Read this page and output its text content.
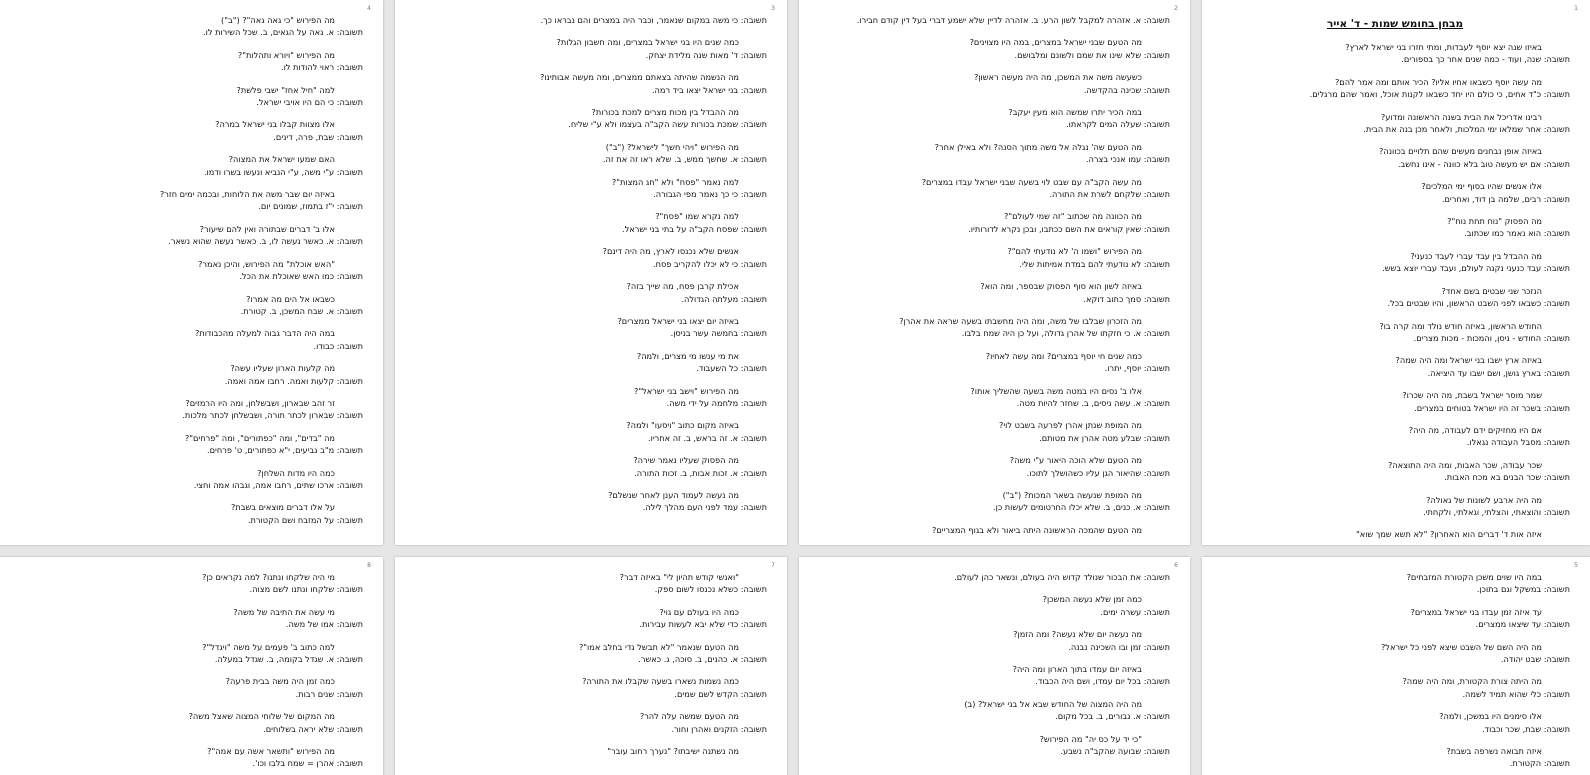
1
מבחן בחומש שמות - ד' אייר
באיזו שנה יצא יוסף לעבדות, ומתי חזרו בני ישראל לארץ?
תשובה: שנה, ועוד - כמה שנים אחר כך בספורים.
מה עשה יוסף כשבאו אחיו אליו? הכיר אותם ומה אמר להם?
תשובה: כ"ד אחים, כי כולם היו יחד כשבאו לקנות אוכל, ואמר שהם מרגלים.
רבינו אדריכל את הבית בשנה הראשונה ומדוע?
תשובה: אחר שמלאו ימי המלכות, ולאחר מכן בנה את הבית.
באיזה אופן נבחנים מעשים שהם תלויים בכוונה?
תשובה: אם יש מעשה טוב בלא כוונה - אינו נחשב.
אלו אנשים שהיו בסוף ימי המלכים?
תשובה: רבים, שלמה בן דוד, ואחרים.
מה הפסוק "נוח תחת נוח"?
תשובה: הוא נאמר כמו שכתוב.
מה ההבדל בין עבד עברי לעבד כנעני?
תשובה: עבד כנעני נקנה לעולם, ועבד עברי יוצא בשש.
הנזכר שני שבטים בשם אחד?
תשובה: כשבאו לפני השבט הראשון, והיו שבטים בכל.
החודש הראשון, באיזה חודש נולד ומה קרה בו?
תשובה: החודש - ניסן, והמכות - מכות מצרים.
באיזה ארץ ישבו בני ישראל ומה היה שמה?
תשובה: בארץ גושן, ושם ישבו עד היציאה.
שמר מוסר ישראל בשבת, מה היה שכרו?
תשובה: בשכר זה היו ישראל בטוחים במצרים.
אם היו מחזיקים ידם לעבודה, מה היה?
תשובה: מסבל העבודה נגאלו.
שכר עבודה, שכר האבות, ומה היה התוצאה?
תשובה: שכר הבנים בא מכח האבות.
מה היה ארבע לשונות של גאולה?
תשובה: והוצאתי, והצלתי, וגאלתי, ולקחתי.
איזה אות ד' דברים הוא האחרון? "לא תשא שמך שוא"
2
תשובה: א. אזהרה למקבל לשון הרע. ב. אזהרה לדיין שלא ישמע דברי בעל דין קודם חבירו.
מה הטעם שבני ישראל במצרים, במה היו מצוינים?
תשובה: שלא שינו את שמם ולשונם ומלבושם.
כשעשה משה את המשכן, מה היה מעשה ראשון?
תשובה: שכינה בהקדשה.
במה הכיר יתרו שמשה הוא מעין יעקב?
תשובה: שעלה המים לקראתו.
מה הטעם שה' נגלה אל משה מתוך הסנה? ולא באילן אחר?
תשובה: עמו אנכי בצרה.
מה עשה הקב"ה עם שבט לוי בשעה שבני ישראל עבדו במצרים?
תשובה: שלקחם לשרת את התורה.
מה הכוונה מה שכתוב "זה שמי לעולם"?
תשובה: שאין קוראים את השם ככתבו, ובכן נקרא לדורותיו.
מה הפירוש "ושמו ה' לא נודעתי להם"?
תשובה: לא נודעתי להם במדת אמיתות שלי.
באיזה לשון הוא סוף הפסוק שבספר, ומה הוא?
תשובה: סמך כתוב דוקא.
מה הזכרון שבלבו של משה, ומה היה מחשבתו בשעה שראה את אהרן?
תשובה: א. כי חזקתו של אהרן גדולה, ועל כן היה שמח בלבו.
כמה שנים חי יוסף במצרים? ומה עשה לאחיו?
תשובה: יוסף, יתרו.
אלו ב' נסים היו במטה משה בשעה שהשליך אותו?
תשובה: א. עשה ניסים, ב. שחזר להיות מטה.
מה המופת שנתן אהרן לפרעה בשבט לוי?
תשובה: שבלע מטה אהרן את מטותם.
מה הטעם שלא הוכה היאור ע"י משה?
תשובה: שהיאור הגן עליו כשהושלך לתוכו.
מה המופת שנעשה בשאר המכות? ("ב")
תשובה: א. כנים, ב. שלא יכלו החרטומים לעשות כן.
מה הטעם שהמכה הראשונה היתה ביאור ולא בגוף המצריים?
3
תשובה: כי משה במקום שנאמר, וכבר היה במצרים והם נבראו כך.
כמה שנים היו בני ישראל במצרים, ומה חשבון הגלות?
תשובה: ד' מאות שנה מלידת יצחק.
מה הנשמה שהיתה בצאתם ממצרים, ומה מעשה אבותינו?
תשובה: בני ישראל יצאו ביד רמה.
מה ההבדל בין מכות מצרים למכת בכורות?
תשובה: שמכת בכורות עשה הקב"ה בעצמו ולא ע"י שליח.
מה הפירוש "ויהי חשך" לישראל? ("ב")
תשובה: א. שחשך ממש, ב. שלא ראו זה את זה.
למה נאמר "פסח" ולא "חג המצות"?
תשובה: כי כך נאמר מפי הגבורה.
למה נקרא שמו "פסח"?
תשובה: שפסח הקב"ה על בתי בני ישראל.
אנשים שלא נכנסו לארץ, מה היה דינם?
תשובה: כי לא יכלו להקריב פסח.
אכילת קרבן פסח, מה שייך בזה?
תשובה: מעלתה הגדולה.
באיזה יום יצאו בני ישראל ממצרים?
תשובה: בחמשה עשר בניסן.
את מי ענשו מי מצרים, ולמה?
תשובה: כל השעבוד.
מה הפירוש "וישב בני ישראל"?
תשובה: מלחמה על ידי משה.
באיזה מקום כתוב "ויסעו" ולמה?
תשובה: א. זה בראש, ב. זה אחריו.
מה הפסוק שעליו נאמר שירה?
תשובה: א. זכות אבות, ב. זכות התורה.
מה נעשה לעמוד הענן לאחר שנשלם?
תשובה: עמד לפני העם מהלך לילה.
4
מה הפירוש "כי גאה גאה"? ("ב")
תשובה: א. גאה על הגאים, ב. שכל השירות לו.
מה הפירוש "ויורא ותהלות"?
תשובה: ראוי להודות לו.
למה "חיל אחז" ישבי פלשת?
תשובה: כי הם היו אויבי ישראל.
אלו מצוות קבלו בני ישראל במרה?
תשובה: שבת, פרה, דינים.
האם שמעו ישראל את המצוה?
תשובה: ע"י משה, ע"י הנביא ונעשו בשרו ודמו.
באיזה יום שבר משה את הלוחות, ובכמה ימים חזר?
תשובה: י"ז בתמוז, שמונים יום.
אלו ב' דברים שבתורה ואין להם שיעור?
תשובה: א. כאשר נעשה לו, ב. כאשר נעשה שהוא נשאר.
"האש אוכלת" מה הפירוש, והיכן נאמר?
תשובה: כמו האש שאוכלת את הכל.
כשבאו אל הים מה אמרו?
תשובה: א. שבח המשכן, ב. קטורת.
במה היה הדבר גבוה למעלה מהכבודות?
תשובה: כבודו.
מה קלעות הארון שעליו עשה?
תשובה: קלעות ואמה. רחבו אמה ואמה.
זר זהב שבארון, ושבשלחן, ומה היו הרמזים?
תשובה: שבארון לכתר תורה, ושבשלחן לכתר מלכות.
מה "בדים", ומה "כפתורים", ומה "פרחים"?
תשובה: מ"ב גביעים, י"א כפתורים, ט' פרחים.
כמה היו מדות השלחן?
תשובה: ארכו שתים, רחבו אמה, וגבהו אמה וחצי.
על אלו דברים מוצאים בשבת?
תשובה: על המזבח ושם הקטורת.
5
במה היו שוים משכן הקטורת המזבחים?
תשובה: במשקל וגם בתוכן.
עד איזה זמן עבדו בני ישראל במצרים?
תשובה: עד שיצאו ממצרים.
מה היה השם של השבט שיצא לפני כל ישראל?
תשובה: שבט יהודה.
מה היתה צורת הקטורת, ומה היה שמה?
תשובה: כלי שהוא תמיד לשמה.
אלו סימנים היו במשכן, ולמה?
תשובה: שבת, שכר וכבוד.
איזה תבואה נשרפה בשבת?
תשובה: הקטורת.
6
תשובה: את הבכור שנולד קדוש היה בעולם, ונשאר כהן לעולם.
כמה זמן שלא נעשה המשכן?
תשובה: עשרה ימים.
מה נעשה יום שלא נעשה? ומה הזמן?
תשובה: זמן ובו השכינה נבנה.
באיזה יום עמדו בתוך הארון ומה היה?
תשובה: בכל יום עמדו, ושם היה הכבוד.
מה היה המצוה של החודש שבא אל בני ישראל? (ב)
תשובה: א. גבורים, ב. בכל מקום.
"כי יד על כס יה" מה הפירוש?
תשובה: שבועה שהקב"ה נשבע.
7
"ואנשי קודש תהיון לי" באיזה דבר?
תשובה: כשלא נכנסו לשום ספק.
כמה היו בעולם עם גוי?
תשובה: כדי שלא יבא לעשות עבירות.
מה הטעם שנאמר "לא תבשל גדי בחלב אמו"?
תשובה: א. כהנים, ב. סוכה, ג. כאשר.
כמה נשמות נשארו בשעה שקבלו את התורה?
תשובה: הקדש לשם שמים.
מה הטעם שמשה עלה להר?
תשובה: הזקנים ואהרן וחור.
מה נשתנה ישיבתו? "נערך רחוב עובר"
8
מי היה שלקחו ונתנו? למה נקראים כן?
תשובה: שלקחו ונתנו לשם מצוה.
מי עשה את התיבה של משה?
תשובה: אמו של משה.
למה כתוב ב' פעמים על משה "ויגדל"?
תשובה: א. שגדל בקומה, ב. שגדל במעלה.
כמה זמן היה משה בבית פרעה?
תשובה: שנים רבות.
מה המקום של שלוחי המצוה שאצל משה?
תשובה: שלא יראה בשלוחים.
מה הפירוש "ותשאר אשה עם אמה"?
תשובה: אהרן = שמח בלבו וכו'.
